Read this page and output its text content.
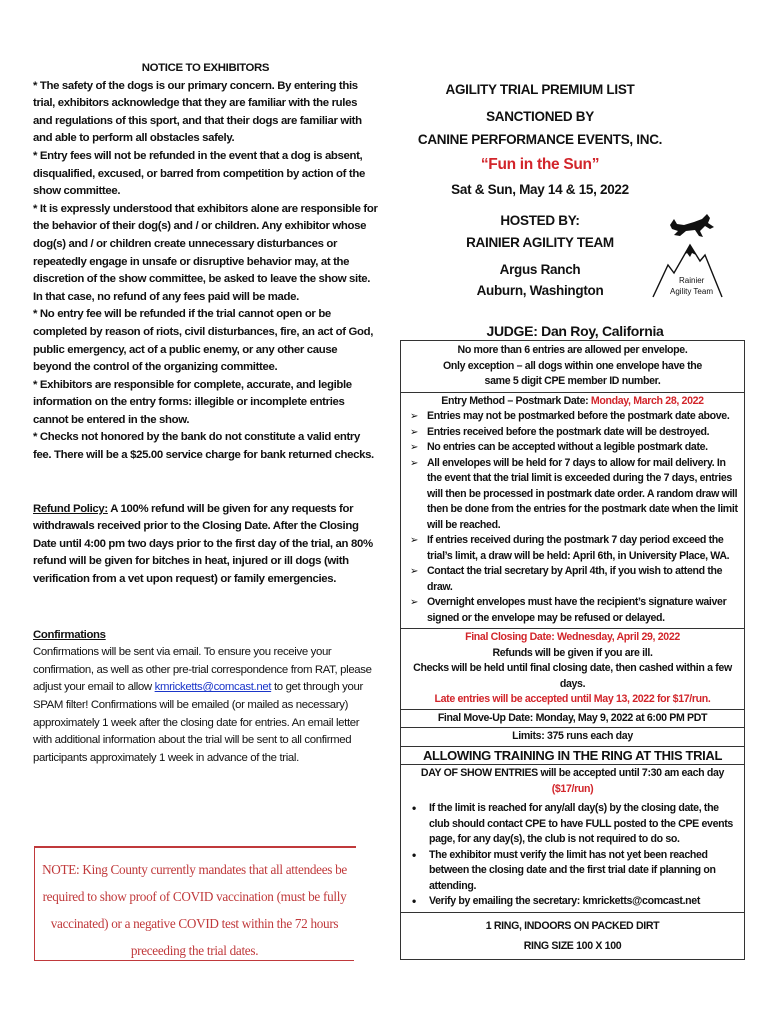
NOTICE TO EXHIBITORS

* The safety of the dogs is our primary concern. By entering this trial, exhibitors acknowledge that they are familiar with the rules and regulations of this sport, and that their dogs are familiar with and able to perform all obstacles safely.

* Entry fees will not be refunded in the event that a dog is absent, disqualified, excused, or barred from competition by action of the show committee.

* It is expressly understood that exhibitors alone are responsible for the behavior of their dog(s) and / or children. Any exhibitor whose dog(s) and / or children create unnecessary disturbances or repeatedly engage in unsafe or disruptive behavior may, at the discretion of the show committee, be asked to leave the show site. In that case, no refund of any fees paid will be made.

* No entry fee will be refunded if the trial cannot open or be completed by reason of riots, civil disturbances, fire, an act of God, public emergency, act of a public enemy, or any other cause beyond the control of the organizing committee.

* Exhibitors are responsible for complete, accurate, and legible information on the entry forms: illegible or incomplete entries cannot be entered in the show.

* Checks not honored by the bank do not constitute a valid entry fee. There will be a $25.00 service charge for bank returned checks.

Refund Policy: A 100% refund will be given for any requests for withdrawals received prior to the Closing Date. After the Closing Date until 4:00 pm two days prior to the first day of the trial, an 80% refund will be given for bitches in heat, injured or ill dogs (with verification from a vet upon request) or family emergencies.

Confirmations

Confirmations will be sent via email. To ensure you receive your confirmation, as well as other pre-trial correspondence from RAT, please adjust your email to allow kmricketts@comcast.net to get through your SPAM filter! Confirmations will be emailed (or mailed as necessary) approximately 1 week after the closing date for entries. An email letter with additional information about the trial will be sent to all confirmed participants approximately 1 week in advance of the trial.

NOTE: King County currently mandates that all attendees be required to show proof of COVID vaccination (must be fully vaccinated) or a negative COVID test within the 72 hours preceeding the trial dates.
AGILITY TRIAL PREMIUM LIST
SANCTIONED BY
CANINE PERFORMANCE EVENTS, INC.
“Fun in the Sun”
Sat & Sun, May 14 & 15, 2022
HOSTED BY:
RAINIER AGILITY TEAM
Argus Ranch
Auburn, Washington
JUDGE: Dan Roy, California
Rainier
Agility Team
No more than 6 entries are allowed per envelope.
Only exception – all dogs within one envelope have the
same 5 digit CPE member ID number.
Entry Method – Postmark Date: Monday, March 28, 2022
➢ Entries may not be postmarked before the postmark date above.
➢ Entries received before the postmark date will be destroyed.
➢ No entries can be accepted without a legible postmark date.
➢ All envelopes will be held for 7 days to allow for mail delivery. In the event that the trial limit is exceeded during the 7 days, entries will then be processed in postmark date order. A random draw will then be done from the entries for the postmark date when the limit will be reached.
➢ If entries received during the postmark 7 day period exceed the trial’s limit, a draw will be held: April 6th, in University Place, WA.
➢ Contact the trial secretary by April 4th, if you wish to attend the draw.
➢ Overnight envelopes must have the recipient’s signature waiver signed or the envelope may be refused or delayed.
Final Closing Date: Wednesday, April 29, 2022
Refunds will be given if you are ill.
Checks will be held until final closing date, then cashed within a few days.
Late entries will be accepted until May 13, 2022 for $17/run.
Final Move-Up Date: Monday, May 9, 2022 at 6:00 PM PDT
Limits: 375 runs each day
ALLOWING TRAINING IN THE RING AT THIS TRIAL
DAY OF SHOW ENTRIES will be accepted until 7:30 am each day ($17/run)
• If the limit is reached for any/all day(s) by the closing date, the club should contact CPE to have FULL posted to the CPE events page, for any day(s), the club is not required to do so.
• The exhibitor must verify the limit has not yet been reached between the closing date and the first trial date if planning on attending.
• Verify by emailing the secretary: kmricketts@comcast.net
1 RING, INDOORS ON PACKED DIRT
RING SIZE 100 X 100
